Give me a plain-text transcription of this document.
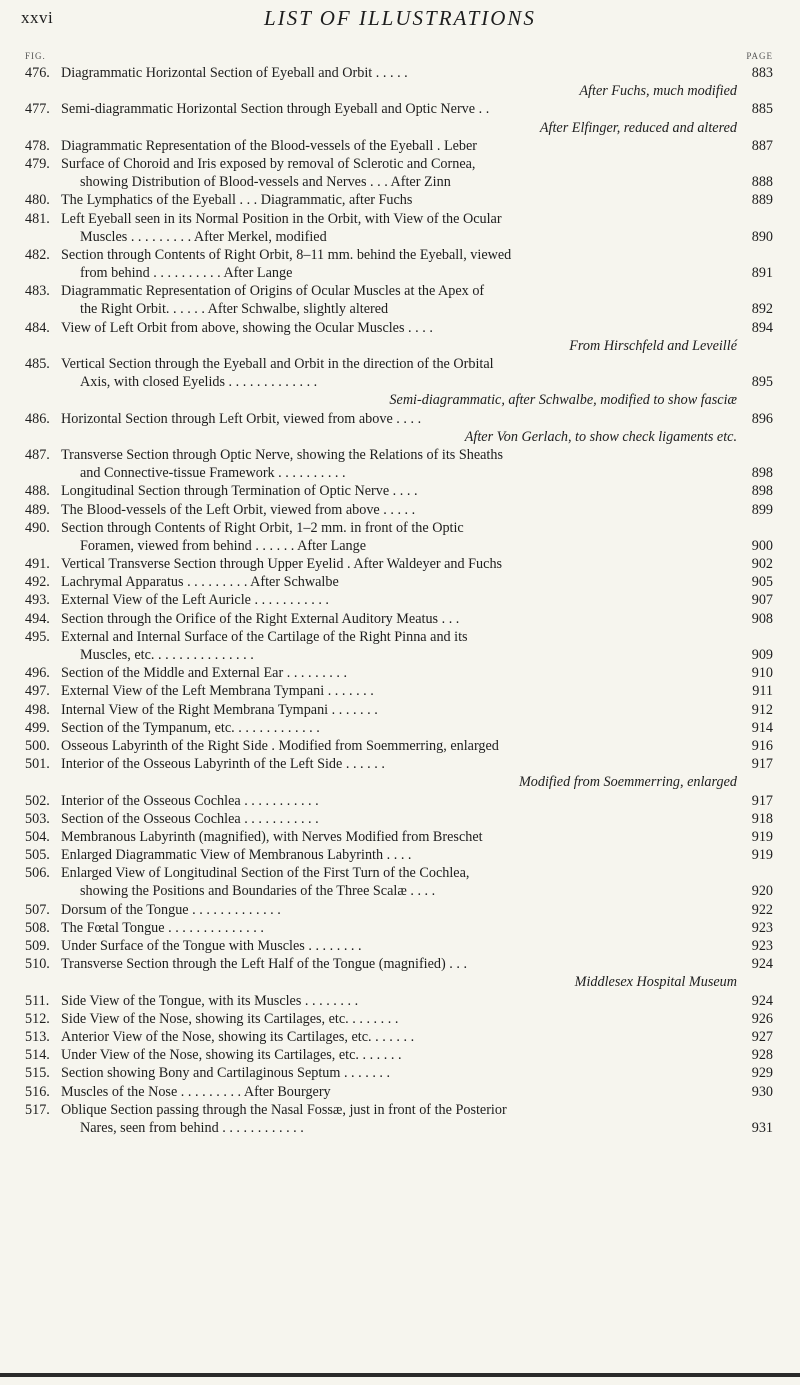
xxvi	LIST OF ILLUSTRATIONS
FIG.	PAGE
476. Diagrammatic Horizontal Section of Eyeball and Orbit . . . . .	883
After Fuchs, much modified
477. Semi-diagrammatic Horizontal Section through Eyeball and Optic Nerve . .	885
After Elfinger, reduced and altered
478. Diagrammatic Representation of the Blood-vessels of the Eyeball . Leber	887
479. Surface of Choroid and Iris exposed by removal of Sclerotic and Cornea,
showing Distribution of Blood-vessels and Nerves . . . After Zinn	888
480. The Lymphatics of the Eyeball . . . Diagrammatic, after Fuchs	889
481. Left Eyeball seen in its Normal Position in the Orbit, with View of the Ocular
Muscles . . . . . . . . . After Merkel, modified	890
482. Section through Contents of Right Orbit, 8–11 mm. behind the Eyeball, viewed
from behind . . . . . . . . . . After Lange	891
483. Diagrammatic Representation of Origins of Ocular Muscles at the Apex of
the Right Orbit. . . . . . After Schwalbe, slightly altered	892
484. View of Left Orbit from above, showing the Ocular Muscles . . . .	894
From Hirschfeld and Leveillé
485. Vertical Section through the Eyeball and Orbit in the direction of the Orbital
Axis, with closed Eyelids . . . . . . . . . . . . .	895
Semi-diagrammatic, after Schwalbe, modified to show fasciæ
486. Horizontal Section through Left Orbit, viewed from above . . . .	896
After Von Gerlach, to show check ligaments etc.
487. Transverse Section through Optic Nerve, showing the Relations of its Sheaths
and Connective-tissue Framework . . . . . . . . . .	898
488. Longitudinal Section through Termination of Optic Nerve . . . .	898
489. The Blood-vessels of the Left Orbit, viewed from above . . . . .	899
490. Section through Contents of Right Orbit, 1–2 mm. in front of the Optic
Foramen, viewed from behind . . . . . . After Lange	900
491. Vertical Transverse Section through Upper Eyelid . After Waldeyer and Fuchs	902
492. Lachrymal Apparatus . . . . . . . . . After Schwalbe	905
493. External View of the Left Auricle . . . . . . . . . . .	907
494. Section through the Orifice of the Right External Auditory Meatus . . .	908
495. External and Internal Surface of the Cartilage of the Right Pinna and its
Muscles, etc. . . . . . . . . . . . . . .	909
496. Section of the Middle and External Ear . . . . . . . . .	910
497. External View of the Left Membrana Tympani . . . . . . .	911
498. Internal View of the Right Membrana Tympani . . . . . . .	912
499. Section of the Tympanum, etc. . . . . . . . . . . . .	914
500. Osseous Labyrinth of the Right Side . Modified from Soemmerring, enlarged	916
501. Interior of the Osseous Labyrinth of the Left Side . . . . . .	917
Modified from Soemmerring, enlarged
502. Interior of the Osseous Cochlea . . . . . . . . . . .	917
503. Section of the Osseous Cochlea . . . . . . . . . . .	918
504. Membranous Labyrinth (magnified), with Nerves Modified from Breschet	919
505. Enlarged Diagrammatic View of Membranous Labyrinth . . . .	919
506. Enlarged View of Longitudinal Section of the First Turn of the Cochlea,
showing the Positions and Boundaries of the Three Scalæ . . . .	920
507. Dorsum of the Tongue . . . . . . . . . . . . .	922
508. The Fœtal Tongue . . . . . . . . . . . . . .	923
509. Under Surface of the Tongue with Muscles . . . . . . . .	923
510. Transverse Section through the Left Half of the Tongue (magnified) . . .	924
Middlesex Hospital Museum
511. Side View of the Tongue, with its Muscles . . . . . . . .	924
512. Side View of the Nose, showing its Cartilages, etc. . . . . . . .	926
513. Anterior View of the Nose, showing its Cartilages, etc. . . . . . .	927
514. Under View of the Nose, showing its Cartilages, etc. . . . . . .	928
515. Section showing Bony and Cartilaginous Septum . . . . . . .	929
516. Muscles of the Nose . . . . . . . . . After Bourgery	930
517. Oblique Section passing through the Nasal Fossæ, just in front of the Posterior
Nares, seen from behind . . . . . . . . . . . .	931
